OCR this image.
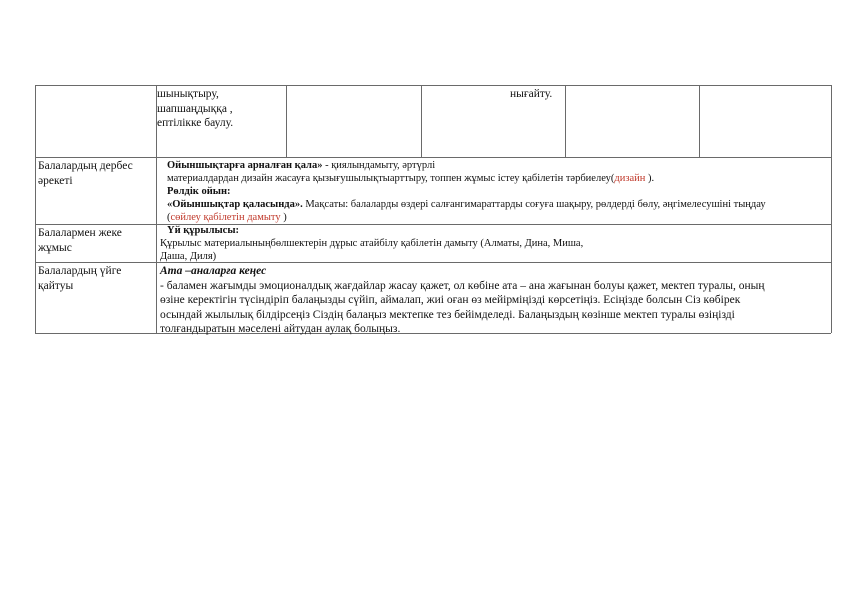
шынықтыру,
шапшаңдыққа ,
ептілікке баулу.
нығайту.
Балалардың дербес
әрекеті
Ойыншықтарға арналған қала» - қиялындамыту, әртүрлі
материалдардан дизайн жасауға қызығушылықтыарттыру, топпен жұмыс істеу қабілетін тәрбиелеу(дизайн ).
Рөлдік ойын:
«Ойыншықтар қаласында». Мақсаты: балаларды өздері салғангимараттарды соғуға шақыру, рөлдерді бөлу, әңгімелесушіні тыңдау
(сөйлеу қабілетін дамыту )
Балалармен жеке
жұмыс
Үй құрылысы:
Құрылыс материалыныңбөлшектерін дұрыс атайбілу қабілетін дамыту (Алматы, Дина, Миша,
Даша, Диля)
Балалардың үйге
қайтуы
Ата –аналарға кеңес
- баламен жағымды эмоционалдық жағдайлар жасау қажет, ол көбіне ата – ана жағынан болуы қажет, мектеп туралы, оның
өзіне керектігін түсіндіріп балаңызды сүйіп, аймалап, жиі оған өз мейірміңізді көрсетіңіз. Есіңізде болсын Сіз көбірек
осындай жылылық білдірсеңіз Сіздің балаңыз мектепке тез бейімделеді. Балаңыздың көзінше мектеп туралы өзіңізді
толғандыратын мәселені айтудан аулақ болыңыз.
